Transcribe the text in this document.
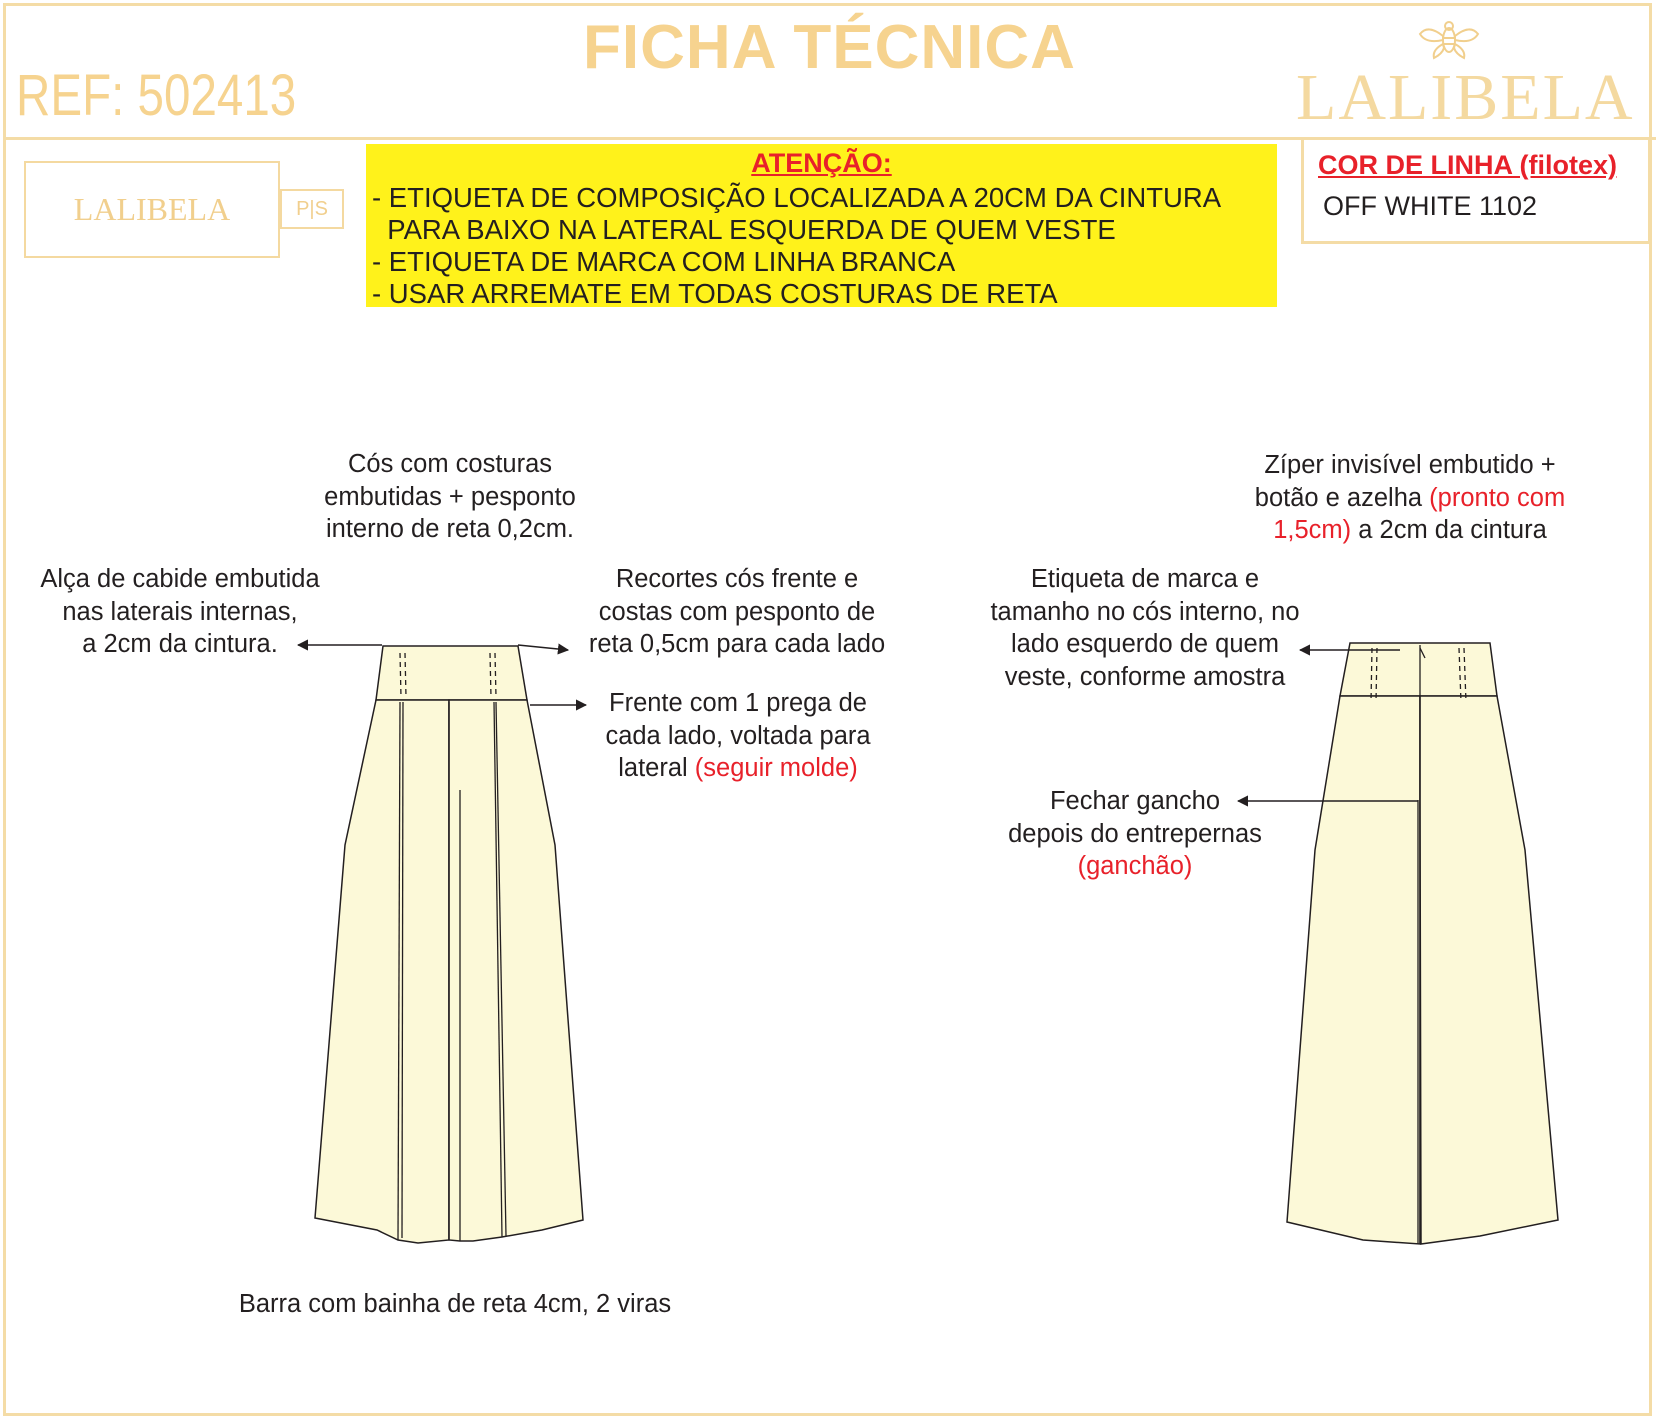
FICHA TÉCNICA
REF: 502413	LALIBELA
LALIBELA	P|S
ATENÇÃO:
- ETIQUETA DE COMPOSIÇÃO LOCALIZADA A 20CM DA CINTURA
PARA BAIXO NA LATERAL ESQUERDA DE QUEM VESTE
- ETIQUETA DE MARCA COM LINHA BRANCA
- USAR ARREMATE EM TODAS COSTURAS DE RETA
COR DE LINHA (filotex)
OFF WHITE 1102
Cós com costuras
embutidas + pesponto
interno de reta 0,2cm.
Alça de cabide embutida
nas laterais internas,
a 2cm da cintura.
Recortes cós frente e
costas com pesponto de
reta 0,5cm para cada lado
Frente com 1 prega de
cada lado, voltada para
lateral (seguir molde)
Barra com bainha de reta 4cm, 2 viras
Zíper invisível embutido +
botão e azelha (pronto com
1,5cm) a 2cm da cintura
Etiqueta de marca e
tamanho no cós interno, no
lado esquerdo de quem
veste, conforme amostra
Fechar gancho
depois do entrepernas
(ganchão)
